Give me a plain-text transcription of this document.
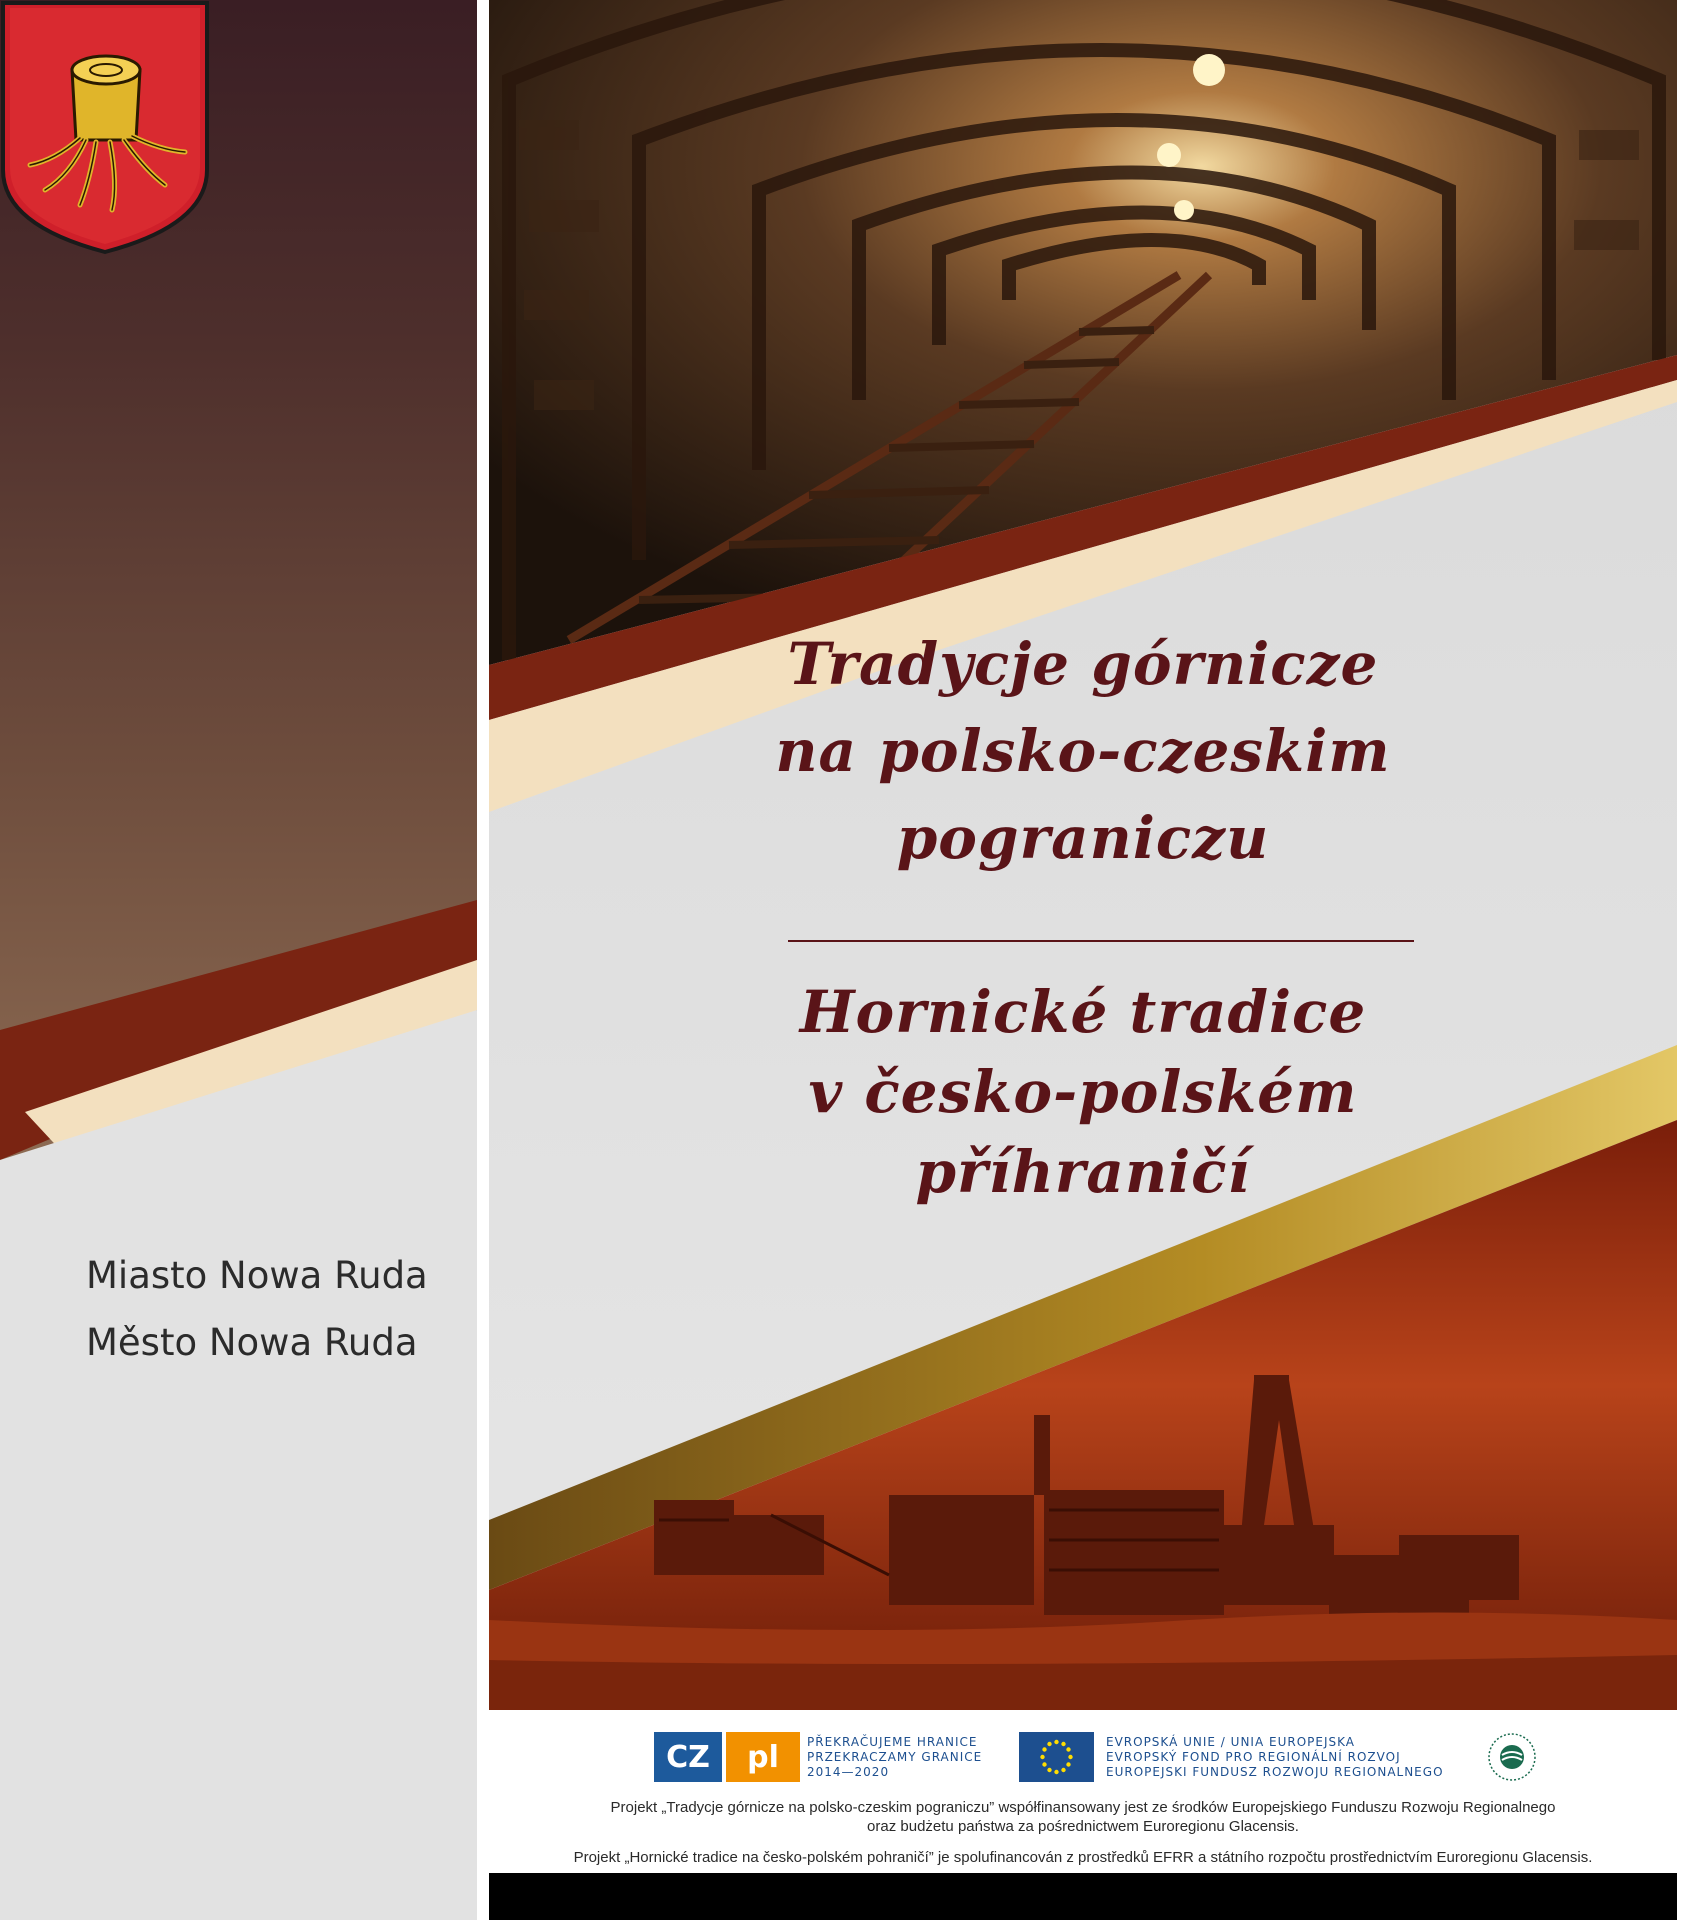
Miasto Nowa Ruda
Město Nowa Ruda
Tradycje górnicze
na polsko-czeskim
pograniczu
Hornické tradice
v česko-polském
příhraničí
CZ pl PŘEKRAČUJEME HRANICE
PRZEKRACZAMY GRANICE
2014—2020
EVROPSKÁ UNIE / UNIA EUROPEJSKA
EVROPSKÝ FOND PRO REGIONÁLNÍ ROZVOJ
EUROPEJSKI FUNDUSZ ROZWOJU REGIONALNEGO
Projekt „Tradycje górnicze na polsko-czeskim pograniczu” współfinansowany jest ze środków Europejskiego Funduszu Rozwoju Regionalnego
oraz budżetu państwa za pośrednictwem Euroregionu Glacensis.
Projekt „Hornické tradice na česko-polském pohraničí” je spolufinancován z prostředků EFRR a státního rozpočtu prostřednictvím Euroregionu Glacensis.
